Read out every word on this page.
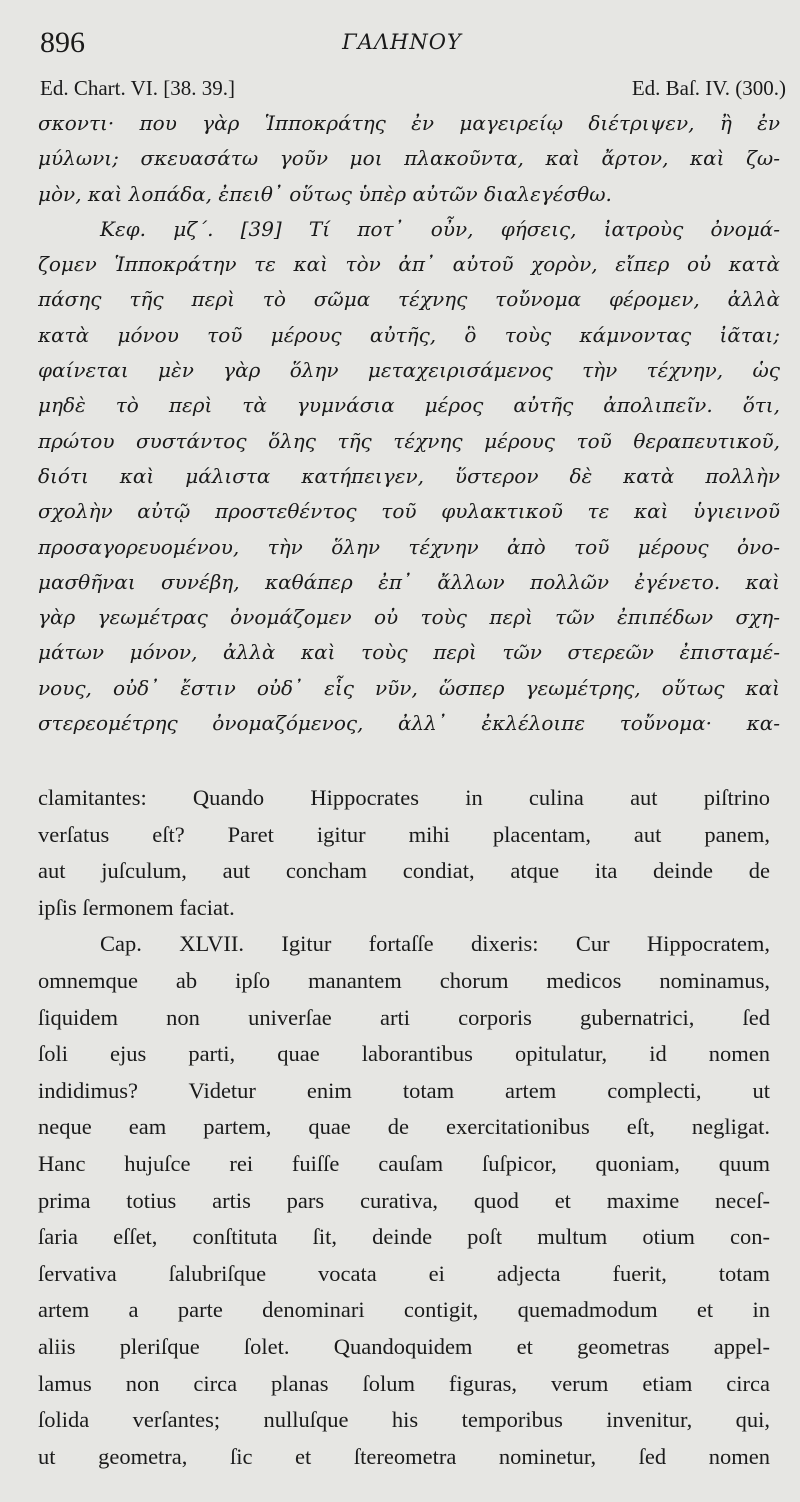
896	ΓΑΛΗΝΟΥ
Ed. Chart. VI. [38. 39.]	Ed. Baſ. IV. (300.)
σκοντι· που γὰρ Ἱπποκράτης ἐν μαγειρείῳ διέτριψεν, ἢ ἐν
μύλωνι; σκευασάτω γοῦν μοι πλακοῦντα, καὶ ἄρτον, καὶ ζω-
μὸν, καὶ λοπάδα, ἐπειθ᾽ οὕτως ὑπὲρ αὐτῶν διαλεγέσθω.
Κεφ. μζ΄. [39] Τί ποτ᾽ οὖν, φήσεις, ἰατροὺς ὀνομά-
ζομεν Ἱπποκράτην τε καὶ τὸν ἀπ᾽ αὐτοῦ χορὸν, εἴπερ οὐ κατὰ
πάσης τῆς περὶ τὸ σῶμα τέχνης τοὔνομα φέρομεν, ἀλλὰ
κατὰ μόνου τοῦ μέρους αὐτῆς, ὃ τοὺς κάμνοντας ἰᾶται;
φαίνεται μὲν γὰρ ὅλην μεταχειρισάμενος τὴν τέχνην, ὡς
μηδὲ τὸ περὶ τὰ γυμνάσια μέρος αὐτῆς ἀπολιπεῖν. ὅτι,
πρώτου συστάντος ὅλης τῆς τέχνης μέρους τοῦ θεραπευτικοῦ,
διότι καὶ μάλιστα κατήπειγεν, ὕστερον δὲ κατὰ πολλὴν
σχολὴν αὐτῷ προστεθέντος τοῦ φυλακτικοῦ τε καὶ ὑγιεινοῦ
προσαγορευομένου, τὴν ὅλην τέχνην ἀπὸ τοῦ μέρους ὀνο-
μασθῆναι συνέβη, καθάπερ ἐπ᾽ ἄλλων πολλῶν ἐγένετο. καὶ
γὰρ γεωμέτρας ὀνομάζομεν οὐ τοὺς περὶ τῶν ἐπιπέδων σχη-
μάτων μόνον, ἀλλὰ καὶ τοὺς περὶ τῶν στερεῶν ἐπισταμέ-
νους, οὐδ᾽ ἔστιν οὐδ᾽ εἷς νῦν, ὥσπερ γεωμέτρης, οὕτως καὶ
στερεομέτρης ὀνομαζόμενος, ἀλλ᾽ ἐκλέλοιπε τοὔνομα· κα-
clamitantes: Quando Hippocrates in culina aut piſtrino
verſatus eſt? Paret igitur mihi placentam, aut panem,
aut juſculum, aut concham condiat, atque ita deinde de
ipſis ſermonem faciat.
Cap. XLVII. Igitur fortaſſe dixeris: Cur Hippocratem,
omnemque ab ipſo manantem chorum medicos nominamus,
ſiquidem non univerſae arti corporis gubernatrici, ſed
ſoli ejus parti, quae laborantibus opitulatur, id nomen
indidimus? Videtur enim totam artem complecti, ut
neque eam partem, quae de exercitationibus eſt, negligat.
Hanc hujuſce rei fuiſſe cauſam ſuſpicor, quoniam, quum
prima totius artis pars curativa, quod et maxime neceſ-
ſaria eſſet, conſtituta ſit, deinde poſt multum otium con-
ſervativa ſalubriſque vocata ei adjecta fuerit, totam
artem a parte denominari contigit, quemadmodum et in
aliis pleriſque ſolet. Quandoquidem et geometras appel-
lamus non circa planas ſolum figuras, verum etiam circa
ſolida verſantes; nulluſque his temporibus invenitur, qui,
ut geometra, ſic et ſtereometra nominetur, ſed nomen
